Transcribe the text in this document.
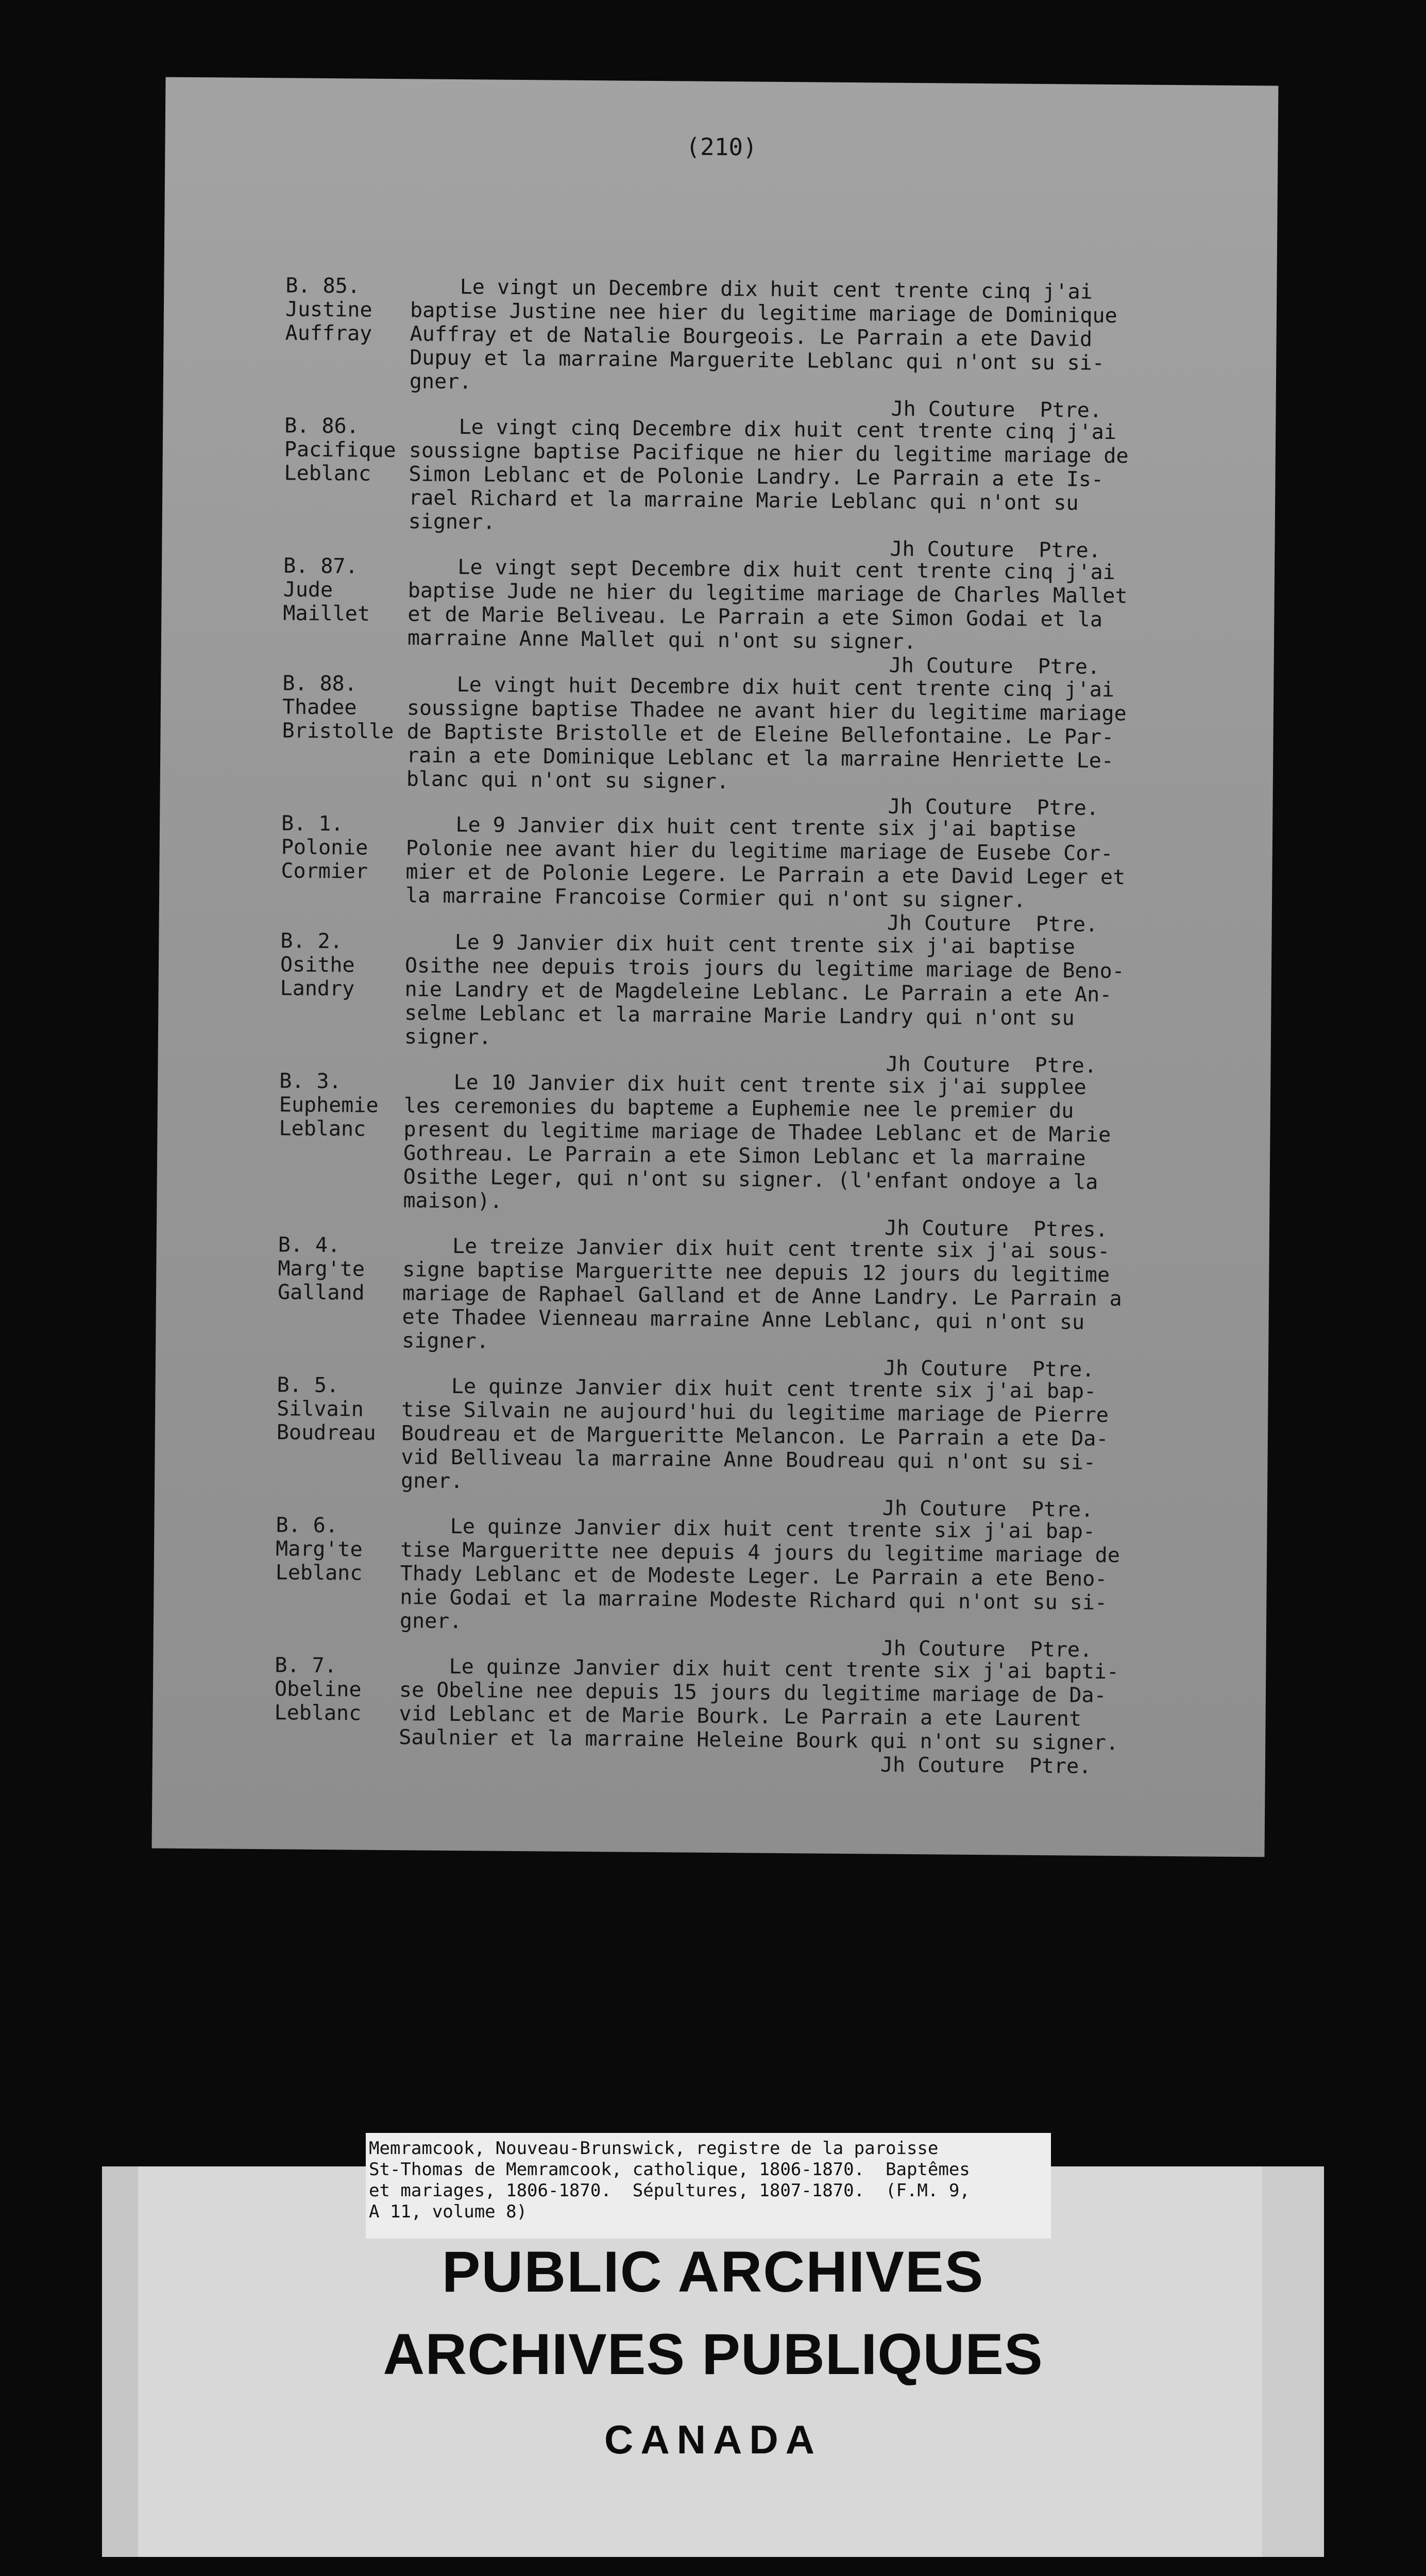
(210)
B. 85.
Justine
Auffray
Le vingt un Decembre dix huit cent trente cinq j'ai
baptise Justine nee hier du legitime mariage de Dominique
Auffray et de Natalie Bourgeois. Le Parrain a ete David
Dupuy et la marraine Marguerite Leblanc qui n'ont su si-
gner.
Jh Couture  Ptre.
B. 86.
Pacifique
Leblanc
Le vingt cinq Decembre dix huit cent trente cinq j'ai
soussigne baptise Pacifique ne hier du legitime mariage de
Simon Leblanc et de Polonie Landry. Le Parrain a ete Is-
rael Richard et la marraine Marie Leblanc qui n'ont su
signer.
Jh Couture  Ptre.
B. 87.
Jude
Maillet
Le vingt sept Decembre dix huit cent trente cinq j'ai
baptise Jude ne hier du legitime mariage de Charles Mallet
et de Marie Beliveau. Le Parrain a ete Simon Godai et la
marraine Anne Mallet qui n'ont su signer.
Jh Couture  Ptre.
B. 88.
Thadee
Bristolle
Le vingt huit Decembre dix huit cent trente cinq j'ai
soussigne baptise Thadee ne avant hier du legitime mariage
de Baptiste Bristolle et de Eleine Bellefontaine. Le Par-
rain a ete Dominique Leblanc et la marraine Henriette Le-
blanc qui n'ont su signer.
Jh Couture  Ptre.
B. 1.
Polonie
Cormier
Le 9 Janvier dix huit cent trente six j'ai baptise
Polonie nee avant hier du legitime mariage de Eusebe Cor-
mier et de Polonie Legere. Le Parrain a ete David Leger et
la marraine Francoise Cormier qui n'ont su signer.
Jh Couture  Ptre.
B. 2.
Osithe
Landry
Le 9 Janvier dix huit cent trente six j'ai baptise
Osithe nee depuis trois jours du legitime mariage de Beno-
nie Landry et de Magdeleine Leblanc. Le Parrain a ete An-
selme Leblanc et la marraine Marie Landry qui n'ont su
signer.
Jh Couture  Ptre.
B. 3.
Euphemie
Leblanc
Le 10 Janvier dix huit cent trente six j'ai supplee
les ceremonies du bapteme a Euphemie nee le premier du
present du legitime mariage de Thadee Leblanc et de Marie
Gothreau. Le Parrain a ete Simon Leblanc et la marraine
Osithe Leger, qui n'ont su signer. (l'enfant ondoye a la
maison).
Jh Couture  Ptres.
B. 4.
Marg'te
Galland
Le treize Janvier dix huit cent trente six j'ai sous-
signe baptise Margueritte nee depuis 12 jours du legitime
mariage de Raphael Galland et de Anne Landry. Le Parrain a
ete Thadee Vienneau marraine Anne Leblanc, qui n'ont su
signer.
Jh Couture  Ptre.
B. 5.
Silvain
Boudreau
Le quinze Janvier dix huit cent trente six j'ai bap-
tise Silvain ne aujourd'hui du legitime mariage de Pierre
Boudreau et de Margueritte Melancon. Le Parrain a ete Da-
vid Belliveau la marraine Anne Boudreau qui n'ont su si-
gner.
Jh Couture  Ptre.
B. 6.
Marg'te
Leblanc
Le quinze Janvier dix huit cent trente six j'ai bap-
tise Margueritte nee depuis 4 jours du legitime mariage de
Thady Leblanc et de Modeste Leger. Le Parrain a ete Beno-
nie Godai et la marraine Modeste Richard qui n'ont su si-
gner.
Jh Couture  Ptre.
B. 7.
Obeline
Leblanc
Le quinze Janvier dix huit cent trente six j'ai bapti-
se Obeline nee depuis 15 jours du legitime mariage de Da-
vid Leblanc et de Marie Bourk. Le Parrain a ete Laurent
Saulnier et la marraine Heleine Bourk qui n'ont su signer.
Jh Couture  Ptre.
Memramcook, Nouveau-Brunswick, registre de la paroisse
St-Thomas de Memramcook, catholique, 1806-1870.  Baptêmes
et mariages, 1806-1870.  Sépultures, 1807-1870.  (F.M. 9,
A 11, volume 8)
PUBLIC ARCHIVES
ARCHIVES PUBLIQUES
CANADA
